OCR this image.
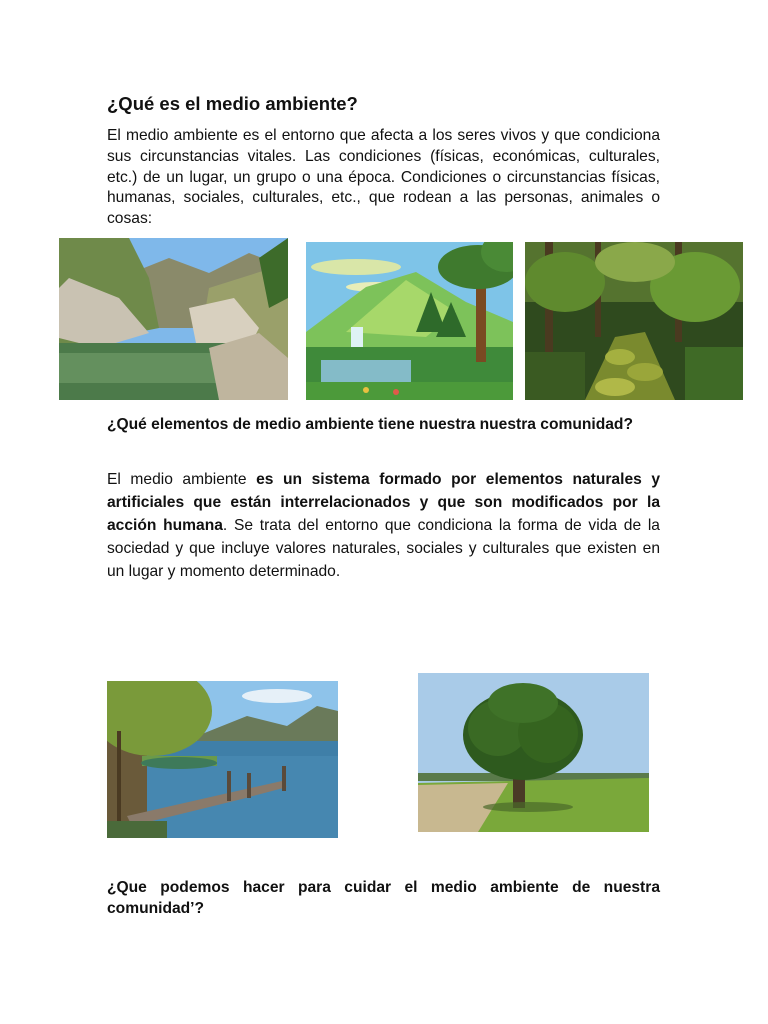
¿Qué es el medio ambiente?
El medio ambiente es el entorno que afecta a los seres vivos y que condiciona sus circunstancias vitales. Las condiciones (físicas, económicas, culturales, etc.) de un lugar, un grupo o una época. Condiciones o circunstancias físicas, humanas, sociales, culturales, etc., que rodean a las personas, animales o cosas:
¿Qué elementos de medio ambiente tiene nuestra nuestra comunidad?
El medio ambiente es un sistema formado por elementos naturales y artificiales que están interrelacionados y que son modificados por la acción humana. Se trata del entorno que condiciona la forma de vida de la sociedad y que incluye valores naturales, sociales y culturales que existen en un lugar y momento determinado.
¿Que podemos hacer para cuidar el medio ambiente de nuestra comunidad’?
